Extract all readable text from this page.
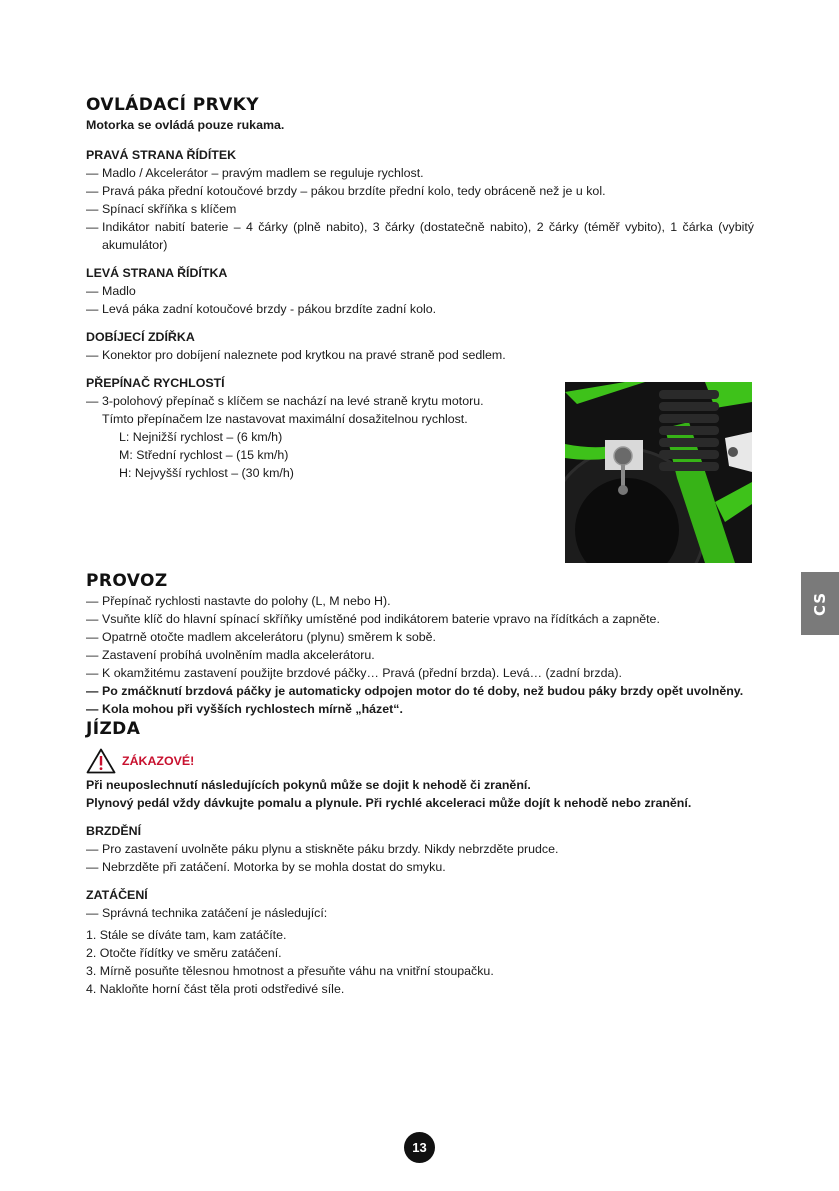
OVLÁDACÍ PRVKY
Motorka se ovládá pouze rukama.
PRAVÁ STRANA ŘÍDÍTEK
— Madlo / Akcelerátor – pravým madlem se reguluje rychlost.
— Pravá páka přední kotoučové brzdy – pákou brzdíte přední kolo, tedy obráceně než je u kol.
— Spínací skříňka s klíčem
— Indikátor nabití baterie – 4 čárky (plně nabito), 3 čárky (dostatečně nabito), 2 čárky (téměř vybito), 1 čárka (vybitý akumulátor)
LEVÁ STRANA ŘÍDÍTKA
— Madlo
— Levá páka zadní kotoučové brzdy - pákou brzdíte zadní kolo.
DOBÍJECÍ ZDÍŘKA
— Konektor pro dobíjení naleznete pod krytkou na pravé straně pod sedlem.
PŘEPÍNAČ RYCHLOSTÍ
— 3-polohový přepínač s klíčem se nachází na levé straně krytu motoru.
Tímto přepínačem lze nastavovat maximální dosažitelnou rychlost.
L: Nejnižší rychlost – (6 km/h)
M: Střední rychlost – (15 km/h)
H: Nejvyšší rychlost – (30 km/h)
PROVOZ
— Přepínač rychlosti nastavte do polohy (L, M nebo H).
— Vsuňte klíč do hlavní spínací skříňky umístěné pod indikátorem baterie vpravo na řídítkách a zapněte.
— Opatrně otočte madlem akcelerátoru (plynu) směrem k sobě.
— Zastavení probíhá uvolněním madla akcelerátoru.
— K okamžitému zastavení použijte brzdové páčky… Pravá (přední brzda). Levá… (zadní brzda).
— Po zmáčknutí brzdová páčky je automaticky odpojen motor do té doby, než budou páky brzdy opět uvolněny.
— Kola mohou při vyšších rychlostech mírně „házet“.
JÍZDA
ZÁKAZOVÉ!
Při neuposlechnutí následujících pokynů může se dojit k nehodě či zranění.
Plynový pedál vždy dávkujte pomalu a plynule. Při rychlé akceleraci může dojít k nehodě nebo zranění.
BRZDĚNÍ
— Pro zastavení uvolněte páku plynu a stiskněte páku brzdy. Nikdy nebrzděte prudce.
— Nebrzděte při zatáčení. Motorka by se mohla dostat do smyku.
ZATÁČENÍ
— Správná technika zatáčení je následující:
1. Stále se díváte tam, kam zatáčíte.
2. Otočte řídítky ve směru zatáčení.
3. Mírně posuňte tělesnou hmotnost a přesuňte váhu na vnitřní stoupačku.
4. Nakloňte horní část těla proti odstředivé síle.
CS
13
